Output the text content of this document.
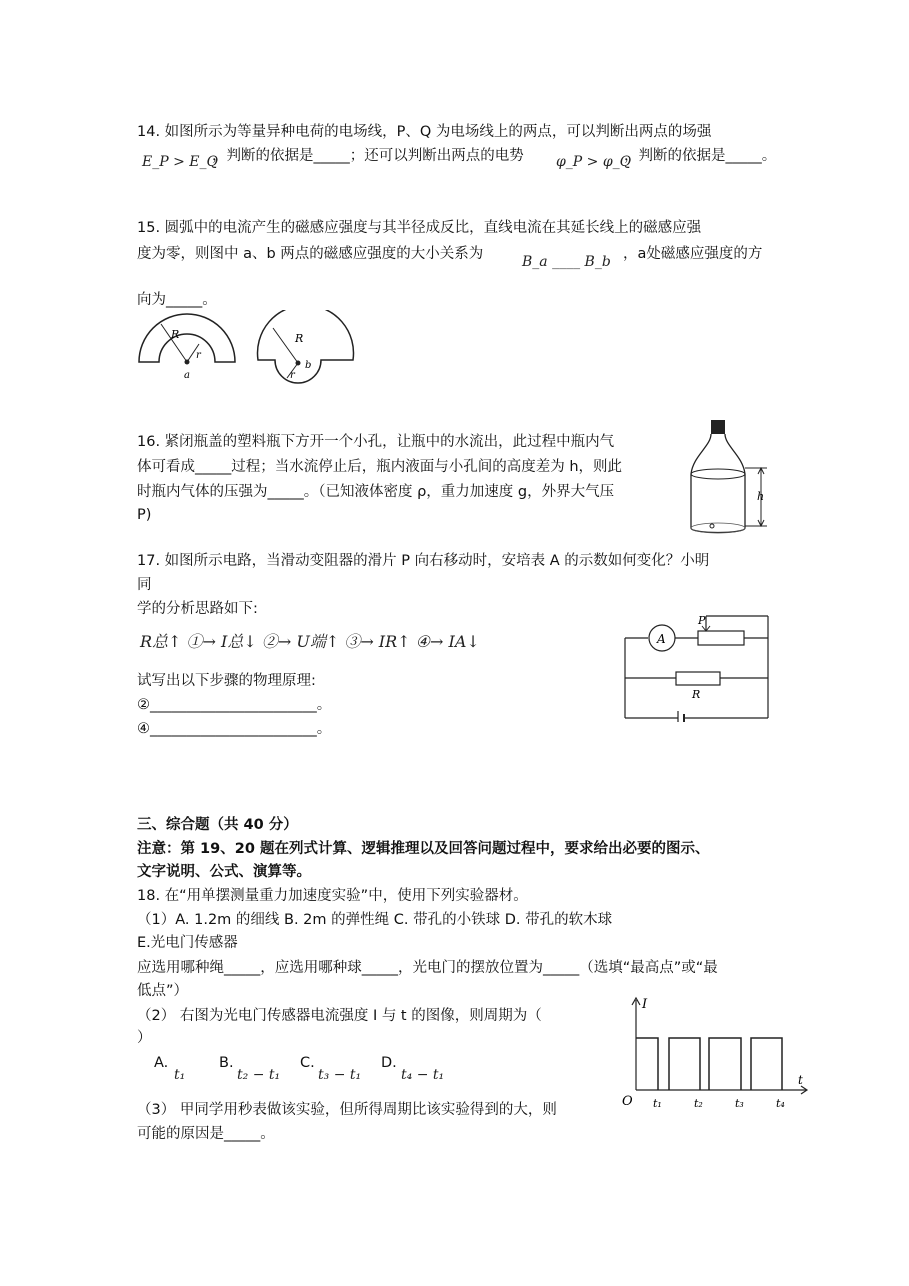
14. 如图所示为等量异种电荷的电场线，P、Q 为电场线上的两点，可以判断出两点的场强
E_P > E_Q
，判断的依据是_____；还可以判断出两点的电势 φ_P > φ_Q
，判断的依据是_____。
15. 圆弧中的电流产生的磁感应强度与其半径成反比，直线电流在其延长线上的磁感应强
度为零，则图中 a、b 两点的磁感应强度的大小关系为	B_a ____ B_b ，a处磁感应强度的方
向为_____。
R
r
a
R
r
b
16. 紧闭瓶盖的塑料瓶下方开一个小孔，让瓶中的水流出，此过程中瓶内气
体可看成_____过程；当水流停止后，瓶内液面与小孔间的高度差为 h，则此
时瓶内气体的压强为_____。（已知液体密度 ρ，重力加速度 g，外界大气压
P)
h
17. 如图所示电路，当滑动变阻器的滑片 P 向右移动时，安培表 A 的示数如何变化？小明
同
学的分析思路如下:
R总↑ ①→ I总↓ ②→ U端↑ ③→ IR↑ ④→ IA↓
试写出以下步骤的物理原理:
②_______________________。
④_______________________。
A
P
R
三、综合题（共 40 分）
注意：第 19、20 题在列式计算、逻辑推理以及回答问题过程中，要求给出必要的图示、
文字说明、公式、演算等。
18. 在“用单摆测量重力加速度实验”中，使用下列实验器材。
（1）A. 1.2m 的细线 B. 2m 的弹性绳 C. 带孔的小铁球 D. 带孔的软木球
E.光电门传感器
应选用哪种绳_____，应选用哪种球_____，光电门的摆放位置为_____（选填“最高点”或“最
低点”）
（2） 右图为光电门传感器电流强度 I 与 t 的图像，则周期为（
）
A.
t₁
B.
t₂ − t₁
C.
t₃ − t₁
D.
t₄ − t₁
（3） 甲同学用秒表做该实验，但所得周期比该实验得到的大，则
可能的原因是_____。
I
t
O t₁	t₂	t₃	t₄
